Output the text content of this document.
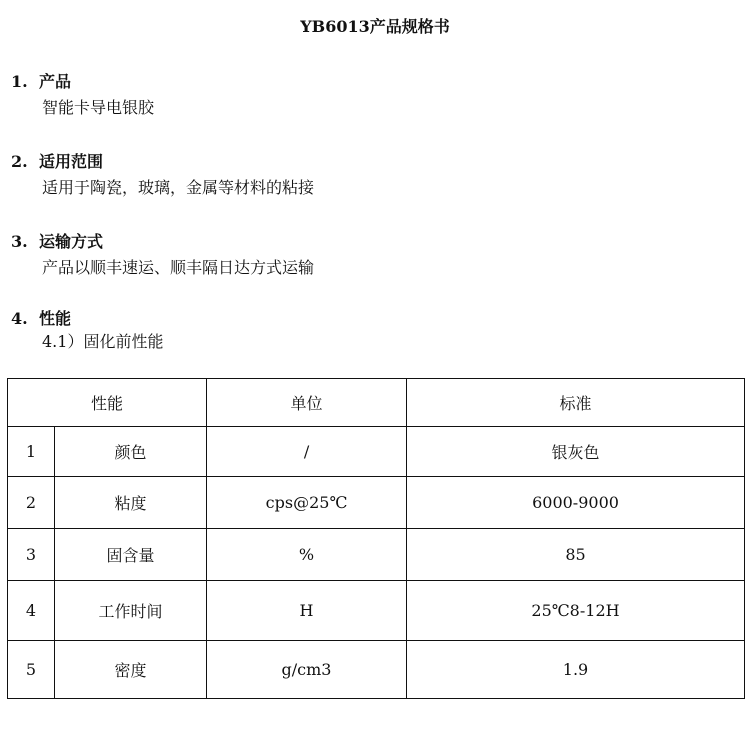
YB6013产品规格书
1. 产品
智能卡导电银胶
2. 适用范围
适用于陶瓷，玻璃，金属等材料的粘接
3. 运输方式
产品以顺丰速运、顺丰隔日达方式运输
4. 性能
4.1）固化前性能
性能		单位	标准
1	颜色	/	银灰色
2	粘度	cps@25℃	6000-9000
3	固含量	%	85
4	工作时间	H	25℃8-12H
5	密度	g/cm3	1.9
